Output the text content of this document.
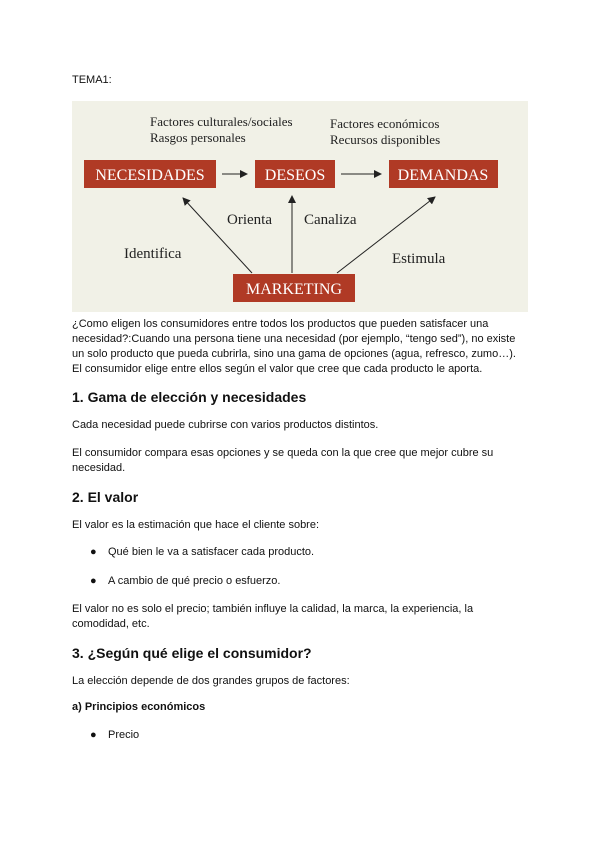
TEMA1:
Factores culturales/sociales
Rasgos personales
Factores económicos
Recursos disponibles
NECESIDADES	DESEOS	DEMANDAS
MARKETING
Orienta Canaliza
Identifica	Estimula
¿Como eligen los consumidores entre todos los productos que pueden satisfacer una
necesidad?:Cuando una persona tiene una necesidad (por ejemplo, “tengo sed”), no existe
un solo producto que pueda cubrirla, sino una gama de opciones (agua, refresco, zumo…).
El consumidor elige entre ellos según el valor que cree que cada producto le aporta.
1. Gama de elección y necesidades
Cada necesidad puede cubrirse con varios productos distintos.
El consumidor compara esas opciones y se queda con la que cree que mejor cubre su
necesidad.
2. El valor
El valor es la estimación que hace el cliente sobre:
● Qué bien le va a satisfacer cada producto.
● A cambio de qué precio o esfuerzo.
El valor no es solo el precio; también influye la calidad, la marca, la experiencia, la
comodidad, etc.
3. ¿Según qué elige el consumidor?
La elección depende de dos grandes grupos de factores:
a) Principios económicos
● Precio
